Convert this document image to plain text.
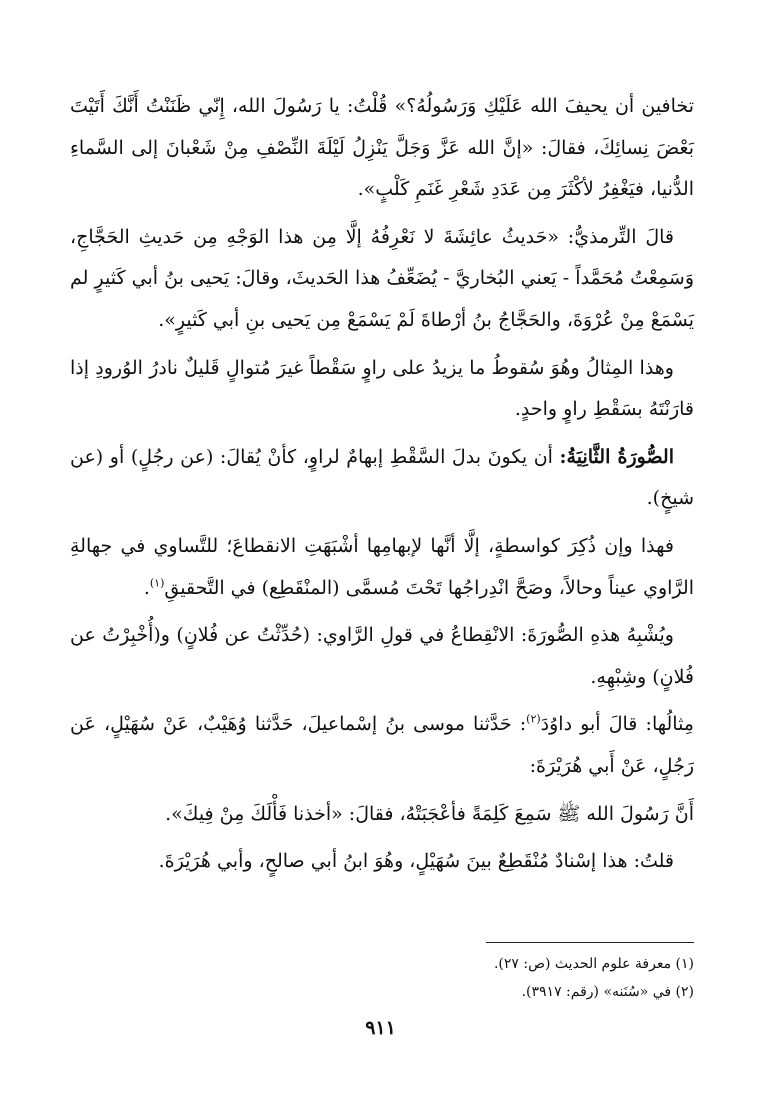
تخافين أن يحيفَ الله عَلَيْكِ وَرَسُولُهُ؟» قُلْتُ: يا رَسُولَ الله، إِنّي ظَنَنْتُ أَنَّكَ أَتَيْتَ بَعْضَ نِسائِكَ، فقالَ: «إنَّ الله عَزَّ وَجَلَّ يَنْزِلُ لَيْلَةَ النِّصْفِ مِنْ شَعْبانَ إلى السَّماءِ الدُّنيا، فيَغْفِرُ لأكْثَرَ مِن عَدَدِ شَعْرِ غَنَمِ كَلْبٍ».

قالَ التِّرمذيُّ: «حَديثُ عائِشَةَ لا نَعْرِفُهُ إلَّا مِن هذا الوَجْهِ مِن حَديثِ الحَجَّاجِ، وَسَمِعْتُ مُحَمَّداً - يَعني البُخاريَّ - يُضَعِّفُ هذا الحَديثَ، وقالَ: يَحيى بنُ أبي كَثيرٍ لم يَسْمَعْ مِنْ عُرْوَةَ، والحَجَّاجُ بنُ أرْطاةَ لَمْ يَسْمَعْ مِن يَحيى بنِ أبي كَثيرٍ».

وهذا المِثالُ وهُوَ سُقوطُ ما يزيدُ على راوٍ سَقْطاً غيرَ مُتوالٍ قَليلٌ نادرُ الوُرودِ إذا قارَنْتَهُ بسَقْطِ راوٍ واحدٍ.

الصُّورَةُ الثَّانِيَةُ: أن يكونَ بدلَ السَّقْطِ إبهامٌ لراوٍ، كأنْ يُقالَ: (عن رجُلٍ) أو (عن شيخٍ).

فهذا وإن ذُكِرَ كواسطةٍ، إلَّا أنَّها لإبهامِها أشْبَهَتِ الانقطاعَ؛ للتَّساوي في جهالةِ الرَّاوي عيناً وحالاً، وصَحَّ انْدِراجُها تَحْتَ مُسمَّى (المنْقَطِع) في التَّحقيقِ$^{(١)}$.

ويُشْبِهُ هذهِ الصُّورَةَ: الانْقِطاعُ في قولِ الرَّاوي: (حُدِّثْتُ عن فُلانٍ) و(أُخْبِرْتُ عن فُلانٍ) وشِبْهِهِ.

مِثالُها: قالَ أبو داوُدَ$^{(٢)}$: حَدَّثنا موسى بنُ إسْماعيلَ، حَدَّثنا وُهَيْبٌ، عَنْ سُهَيْلٍ، عَن رَجُلٍ، عَنْ أَبي هُرَيْرَةَ:

أَنَّ رَسُولَ الله ﷺ سَمِعَ كَلِمَةً فأعْجَبَتْهُ، فقالَ: «أخذنا فَأْلَكَ مِنْ فِيكَ».

قلتُ: هذا إسْنادٌ مُنْقَطِعٌ بينَ سُهَيْلٍ، وهُوَ ابنُ أبي صالحٍ، وأبي هُرَيْرَةَ.

(١) معرفة علوم الحديث (ص: ٢٧).
(٢) في «سُنَنه» (رقم: ٣٩١٧).
٩١١
